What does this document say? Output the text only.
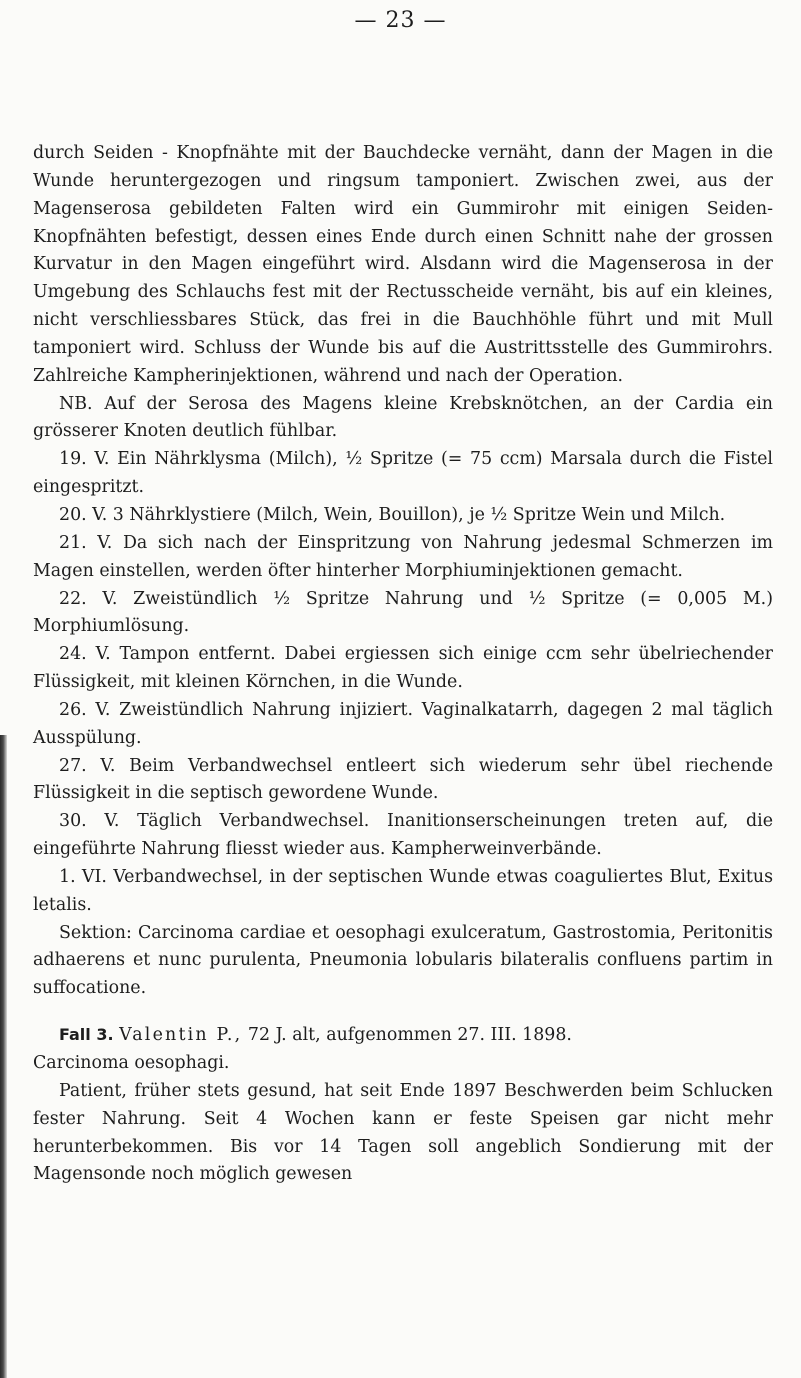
— 23 —

durch Seiden - Knopfnähte mit der Bauchdecke vernäht, dann der Magen in die Wunde heruntergezogen und ringsum tamponiert. Zwischen zwei, aus der Magenserosa gebildeten Falten wird ein Gummirohr mit einigen Seiden-Knopfnähten befestigt, dessen eines Ende durch einen Schnitt nahe der grossen Kurvatur in den Magen eingeführt wird. Alsdann wird die Magenserosa in der Umgebung des Schlauchs fest mit der Rectusscheide vernäht, bis auf ein kleines, nicht verschliessbares Stück, das frei in die Bauchhöhle führt und mit Mull tamponiert wird. Schluss der Wunde bis auf die Austrittsstelle des Gummirohrs. Zahlreiche Kampherinjektionen, während und nach der Operation.

NB. Auf der Serosa des Magens kleine Krebsknötchen, an der Cardia ein grösserer Knoten deutlich fühlbar.

19. V. Ein Nährklysma (Milch), ½ Spritze (= 75 ccm) Marsala durch die Fistel eingespritzt.

20. V. 3 Nährklystiere (Milch, Wein, Bouillon), je ½ Spritze Wein und Milch.

21. V. Da sich nach der Einspritzung von Nahrung jedesmal Schmerzen im Magen einstellen, werden öfter hinterher Morphiuminjektionen gemacht.

22. V. Zweistündlich ½ Spritze Nahrung und ½ Spritze (= 0,005 M.) Morphiumlösung.

24. V. Tampon entfernt. Dabei ergiessen sich einige ccm sehr übelriechender Flüssigkeit, mit kleinen Körnchen, in die Wunde.

26. V. Zweistündlich Nahrung injiziert. Vaginalkatarrh, dagegen 2 mal täglich Ausspülung.

27. V. Beim Verbandwechsel entleert sich wiederum sehr übel riechende Flüssigkeit in die septisch gewordene Wunde.

30. V. Täglich Verbandwechsel. Inanitionserscheinungen treten auf, die eingeführte Nahrung fliesst wieder aus. Kampherweinverbände.

1. VI. Verbandwechsel, in der septischen Wunde etwas coaguliertes Blut, Exitus letalis.

Sektion: Carcinoma cardiae et oesophagi exulceratum, Gastrostomia, Peritonitis adhaerens et nunc purulenta, Pneumonia lobularis bilateralis confluens partim in suffocatione.

Fall 3. Valentin P., 72 J. alt, aufgenommen 27. III. 1898.

Carcinoma oesophagi.

Patient, früher stets gesund, hat seit Ende 1897 Beschwerden beim Schlucken fester Nahrung. Seit 4 Wochen kann er feste Speisen gar nicht mehr herunterbekommen. Bis vor 14 Tagen soll angeblich Sondierung mit der Magensonde noch möglich gewesen
